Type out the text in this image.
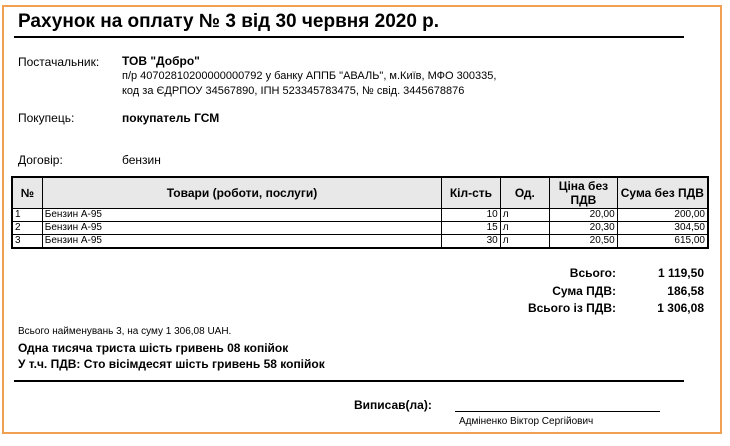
Рахунок на оплату № 3 від 30 червня 2020 р.
Постачальник: ТОВ "Добро"
п/р 40702810200000000792 у банку АППБ "АВАЛЬ", м.Київ, МФО 300335,
код за ЄДРПОУ 34567890, ІПН 523345783475, № свід. 3445678876
Покупець:	покупатель ГСМ
Договір:	бензин
№	Товари (роботи, послуги)	Кіл-сть	Од.	Ціна без ПДВ	Сума без ПДВ
1	Бензин А-95	10	л	20,00	200,00
2	Бензин А-95	15	л	20,30	304,50
3	Бензин А-95	30	л	20,50	615,00
Всього:	1 119,50
Сума ПДВ:	186,58
Всього із ПДВ:	1 306,08
Всього найменувань 3, на суму 1 306,08 UAH.
Одна тисяча триста шість гривень 08 копійок
У т.ч. ПДВ: Сто вісімдесят шість гривень 58 копійок
Виписав(ла):
Адміненко Віктор Сергійович
